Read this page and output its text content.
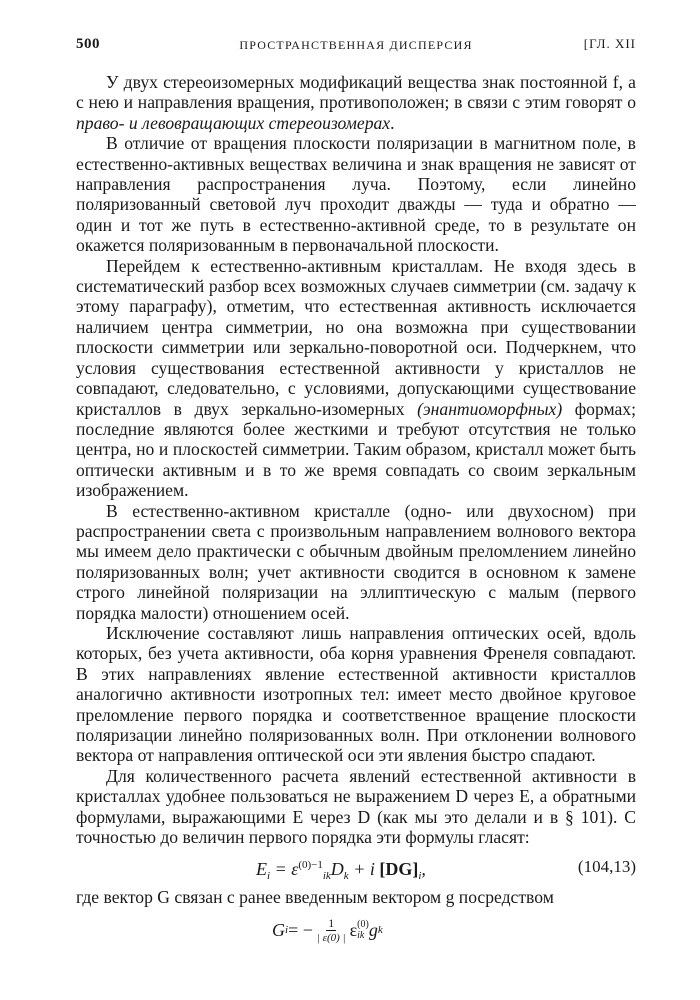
500	ПРОСТРАНСТВЕННАЯ ДИСПЕРСИЯ	[ГЛ. XII

У двух стереоизомерных модификаций вещества знак постоянной f, а с нею и направления вращения, противоположен; в связи с этим говорят о право- и левовращающих стереоизомерах.

В отличие от вращения плоскости поляризации в магнитном поле, в естественно-активных веществах величина и знак вращения не зависят от направления распространения луча. Поэтому, если линейно поляризованный световой луч проходит дважды — туда и обратно — один и тот же путь в естественно-активной среде, то в результате он окажется поляризованным в первоначальной плоскости.

Перейдем к естественно-активным кристаллам. Не входя здесь в систематический разбор всех возможных случаев симметрии (см. задачу к этому параграфу), отметим, что естественная активность исключается наличием центра симметрии, но она возможна при существовании плоскости симметрии или зеркально-поворотной оси. Подчеркнем, что условия существования естественной активности у кристаллов не совпадают, следовательно, с условиями, допускающими существование кристаллов в двух зеркально-изомерных (энантиоморфных) формах; последние являются более жесткими и требуют отсутствия не только центра, но и плоскостей симметрии. Таким образом, кристалл может быть оптически активным и в то же время совпадать со своим зеркальным изображением.

В естественно-активном кристалле (одно- или двухосном) при распространении света с произвольным направлением волнового вектора мы имеем дело практически с обычным двойным преломлением линейно поляризованных волн; учет активности сводится в основном к замене строго линейной поляризации на эллиптическую с малым (первого порядка малости) отношением осей.

Исключение составляют лишь направления оптических осей, вдоль которых, без учета активности, оба корня уравнения Френеля совпадают. В этих направлениях явление естественной активности кристаллов аналогично активности изотропных тел: имеет место двойное круговое преломление первого порядка и соответственное вращение плоскости поляризации линейно поляризованных волн. При отклонении волнового вектора от направления оптической оси эти явления быстро спадают.

Для количественного расчета явлений естественной активности в кристаллах удобнее пользоваться не выражением D через E, а обратными формулами, выражающими E через D (как мы это делали и в § 101). С точностью до величин первого порядка эти формулы гласят:

$E_i = \varepsilon^{(0)-1}_{ik}D_k + i$ $[DG]_i$,	(104,13)

где вектор G связан с ранее введенным вектором g посредством

G i = − $\frac{1}{| \varepsilon(0) |}$ ε (0)
ik g k
